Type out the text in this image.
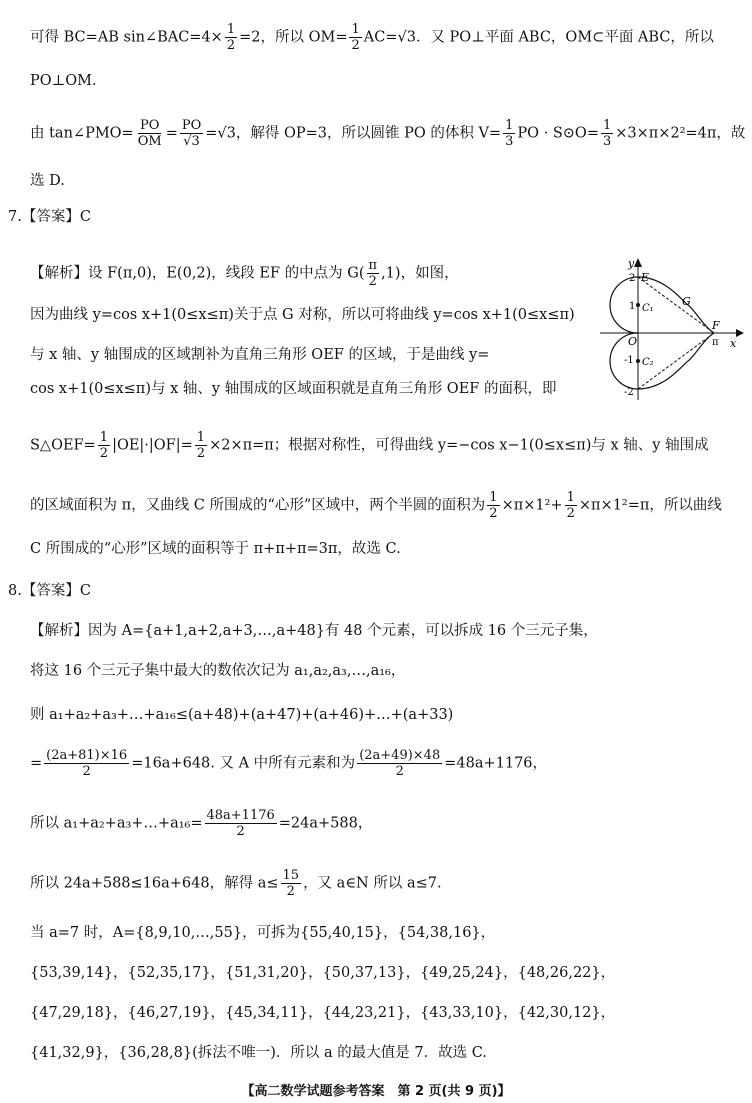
可得 BC=AB sin∠BAC=4× $\frac{1}{2} =2$，所以 $OM= \frac{1}{2} AC=√3$．又 PO⊥平面 ABC，OM⊂平面 ABC，所以
PO⊥OM.
由 tan∠PMO= $\frac{PO}{OM} = \frac{PO}{√3} =√3$，解得 OP=3，所以圆锥 PO 的体积 $V= \frac{1}{3}$ PO · S⊙O= $\frac{1}{3} \times 3\times\pi\times 2^2=4\pi$，故
选 D.
7.【答案】C
【解析】设 F(π,0)，E(0,2)，线段 EF 的中点为 $G( \frac{\pi}{2} ,1)$，如图，
因为曲线 y=cos x+1(0≤x≤π)关于点 G 对称，所以可将曲线 y=cos x+1(0≤x≤π)
与 x 轴、y 轴围成的区域割补为直角三角形 OEF 的区域，于是曲线 y=
cos x+1(0≤x≤π)与 x 轴、y 轴围成的区域面积就是直角三角形 OEF 的面积，即
S△OEF= $\frac{1}{2} |OE|\cdot|OF|= \frac{1}{2} \times 2\times\pi=\pi$；根据对称性，可得曲线 y=−cos x−1(0≤x≤π)与 x 轴、y 轴围成
的区域面积为 π，又曲线 C 所围成的“心形”区域中，两个半圆的面积为 $\frac{1}{2} \times\pi\times 1^2+ \frac{1}{2} \times\pi\times 1^2=\pi$，所以曲线
C 所围成的“心形”区域的面积等于 π+π+π=3π，故选 C.
y
x
E
F
G
O
C₁
C₂
2
1
-1
-2
π
8.【答案】C
【解析】因为 A={a+1,a+2,a+3,…,a+48}有 48 个元素，可以拆成 16 个三元子集，
将这 16 个三元子集中最大的数依次记为 a₁,a₂,a₃,…,a₁₆，
则 a₁+a₂+a₃+…+a₁₆≤(a+48)+(a+47)+(a+46)+…+(a+33)
= $\frac{(2a+81)\times 16}{2} =16a+648$. 又 A 中所有元素和为 $\frac{(2a+49)\times 48}{2} =48a+1176$，
所以 a₁+a₂+a₃+…+a₁₆= $\frac{48a+1176}{2} =24a+588$，
所以 24a+588≤16a+648，解得 $a\le \frac{15}{2}$ ，又 a∈N 所以 a≤7.
当 a=7 时，A={8,9,10,…,55}，可拆为{55,40,15}，{54,38,16}，
{53,39,14}，{52,35,17}，{51,31,20}，{50,37,13}，{49,25,24}，{48,26,22}，
{47,29,18}，{46,27,19}，{45,34,11}，{44,23,21}，{43,33,10}，{42,30,12}，
{41,32,9}，{36,28,8}(拆法不唯一)．所以 a 的最大值是 7．故选 C.
【高二数学试题参考答案　第 2 页(共 9 页)】
